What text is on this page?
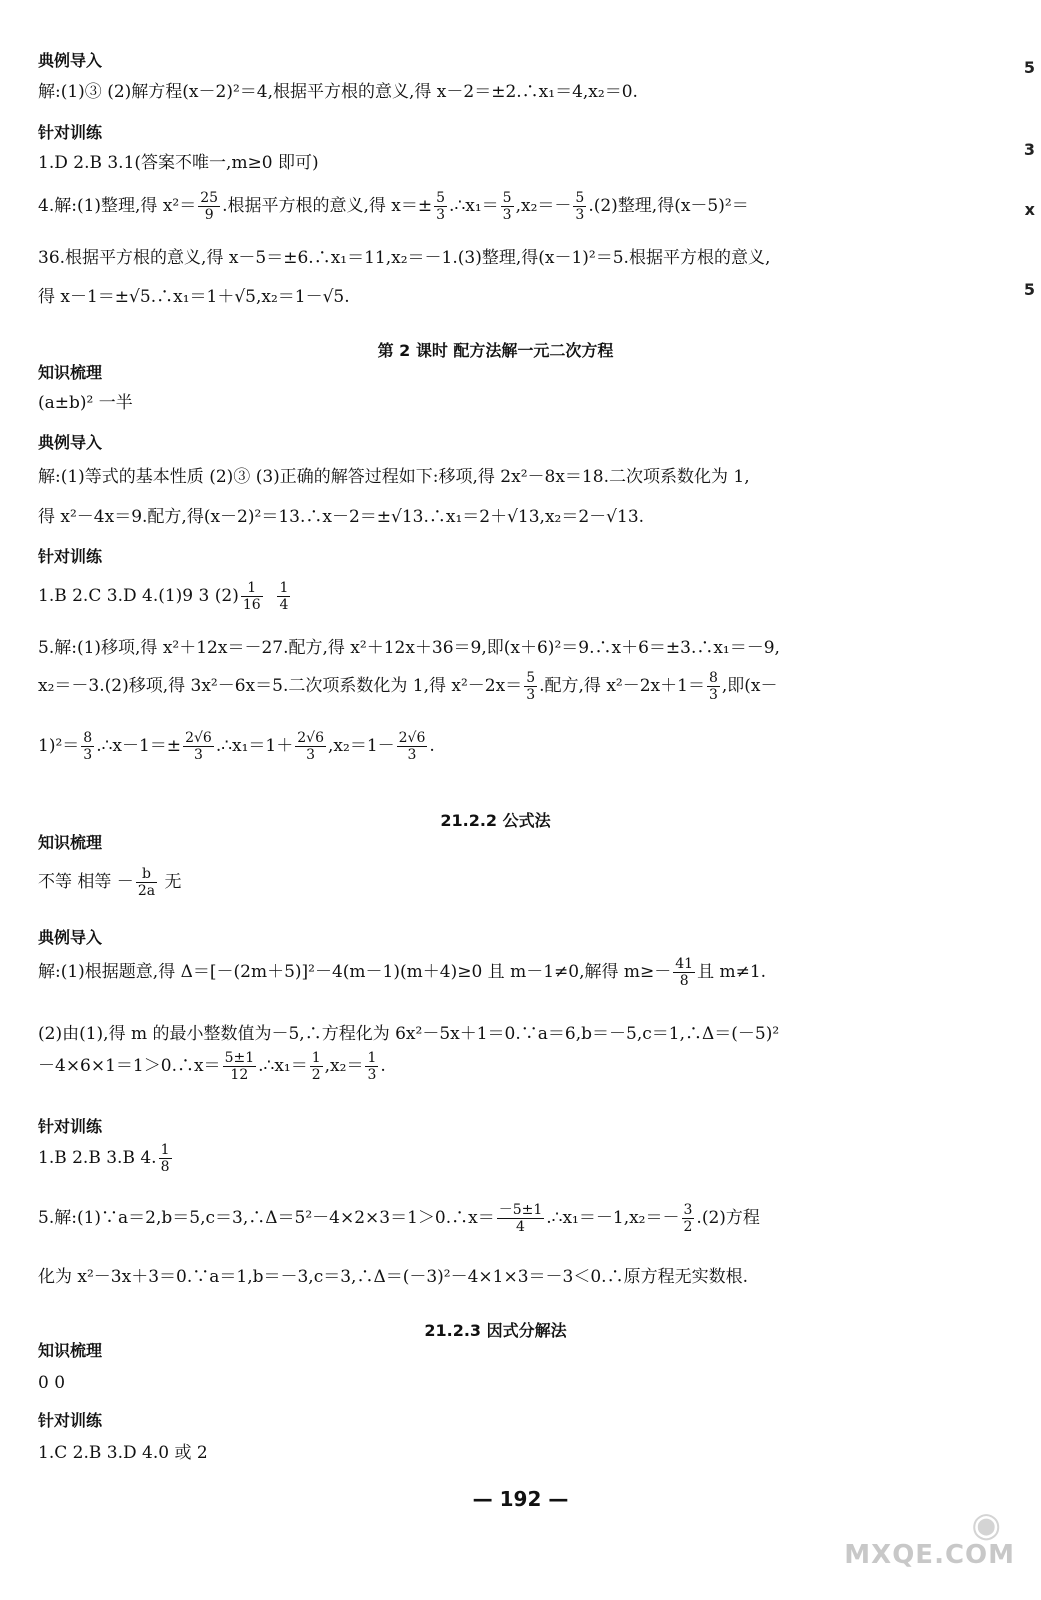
典例导入

解:(1)③ (2)解方程(x－2)²＝4,根据平方根的意义,得 x－2＝±2.∴x₁＝4,x₂＝0.

针对训练

1.D 2.B 3.1(答案不唯一,m≥0 即可)

4.解:(1)整理,得 $x^2= \frac{25}{9}$ .根据平方根的意义,得 $x=\pm \frac{5}{3}$ .∴x₁＝ $\frac{5}{3} ,x_2=- \frac{5}{3} .(2)$整理,得(x－5)²＝

36.根据平方根的意义,得 x－5＝±6.∴x₁＝11,x₂＝－1.(3)整理,得(x－1)²＝5.根据平方根的意义,

得 x－1＝±√5.∴x₁＝1＋√5,x₂＝1－√5.

第 2 课时 配方法解一元二次方程

知识梳理

(a±b)² 一半

典例导入

解:(1)等式的基本性质 (2)③ (3)正确的解答过程如下:移项,得 2x²－8x＝18.二次项系数化为 1,

得 x²－4x＝9.配方,得(x－2)²＝13.∴x－2＝±√13.∴x₁＝2＋√13,x₂＝2－√13.

针对训练

1.B 2.C 3.D 4.(1)9 3 $(2) \frac{1}{16}$
$\frac{1}{4}$

5.解:(1)移项,得 x²＋12x＝－27.配方,得 x²＋12x＋36＝9,即(x＋6)²＝9.∴x＋6＝±3.∴x₁＝－9,

x₂＝－3.(2)移项,得 3x²－6x＝5.二次项系数化为 1,得 $x^2-2x= \frac{5}{3}$ .配方,得 $x^2-2x+1= \frac{8}{3}$ ,即(x－

$1)^2= \frac{8}{3}$ .∴x－1＝± $\frac{2√6}{3}$ .∴x₁＝1＋ $\frac{2√6}{3} ,x_2=1- \frac{2√6}{3}$ .

21.2.2 公式法

知识梳理

不等 相等 － $\frac{b}{2a}$ 无

典例导入

解:(1)根据题意,得 Δ＝[－(2m＋5)]²－4(m－1)(m＋4)≥0 且 m－1≠0,解得 $m\ge- \frac{41}{8}$ 且 m≠1.

(2)由(1),得 m 的最小整数值为－5,∴方程化为 6x²－5x＋1＝0.∵a＝6,b＝－5,c＝1,∴Δ＝(－5)²

－4×6×1＝1＞0.∴x＝ $\frac{5\pm 1}{12}$ .∴x₁＝ $\frac{1}{2} ,x_2= \frac{1}{3}$ .

针对训练

1.B 2.B 3.B 4. $\frac{1}{8}$

5.解:(1)∵a＝2,b＝5,c＝3,∴Δ＝5²－4×2×3＝1＞0.∴x＝ $\frac{-5\pm 1}{4}$ .∴x₁＝－1,x₂＝－ $\frac{3}{2} .(2)$方程

化为 x²－3x＋3＝0.∵a＝1,b＝－3,c＝3,∴Δ＝(－3)²－4×1×3＝－3＜0.∴原方程无实数根.

21.2.3 因式分解法

知识梳理

0 0

针对训练

1.C 2.B 3.D 4.0 或 2

— 192 —
5
3
x
5
◉
MXQE.COM
